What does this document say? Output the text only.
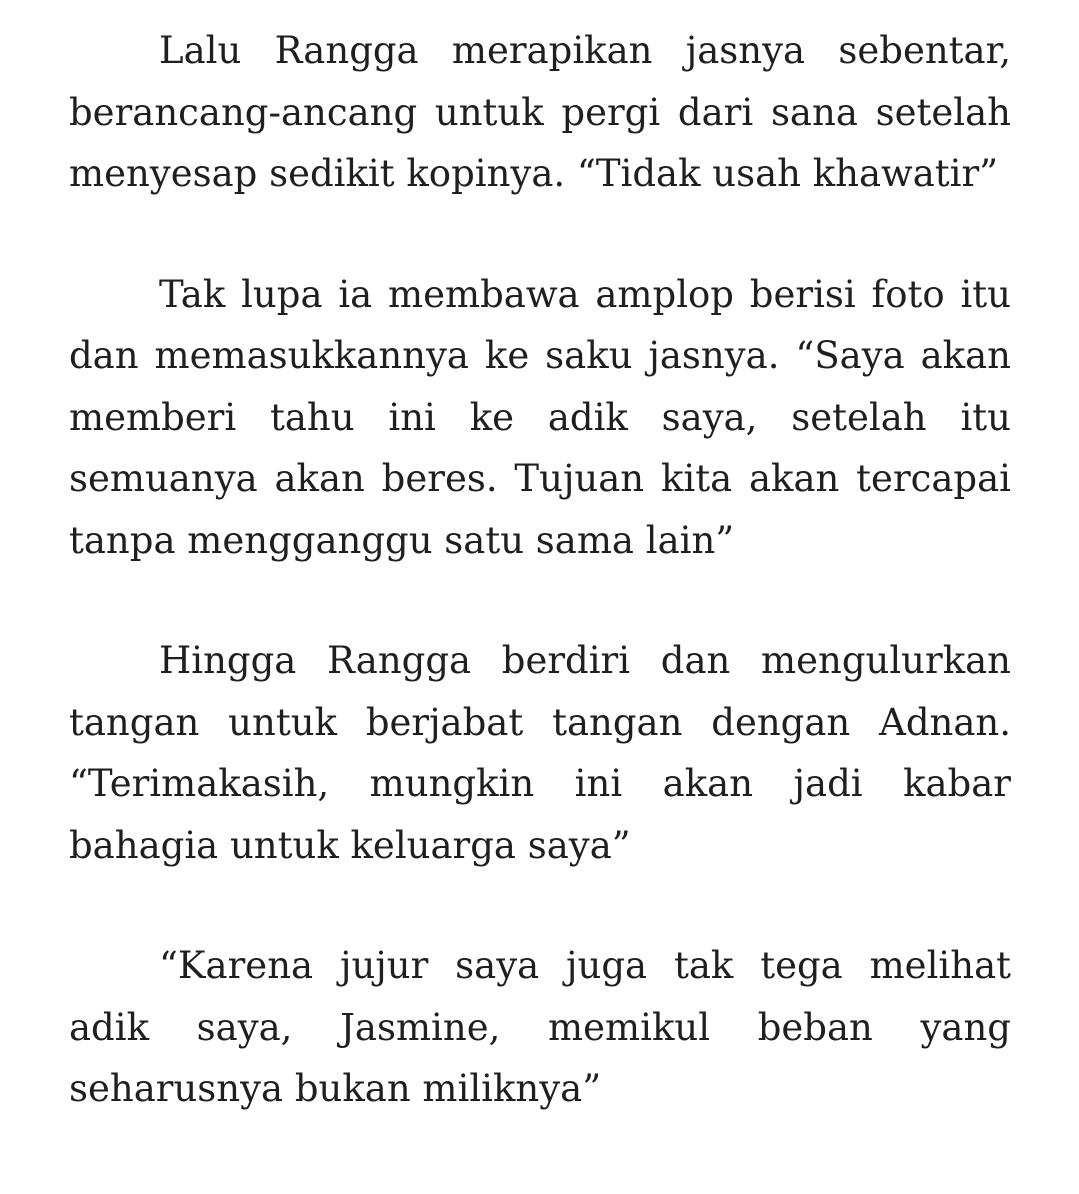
Lalu Rangga merapikan jasnya sebentar, berancang-ancang untuk pergi dari sana setelah menyesap sedikit kopinya. “Tidak usah khawatir”

Tak lupa ia membawa amplop berisi foto itu dan memasukkannya ke saku jasnya. “Saya akan memberi tahu ini ke adik saya, setelah itu semuanya akan beres. Tujuan kita akan tercapai tanpa mengganggu satu sama lain”

Hingga Rangga berdiri dan mengulurkan tangan untuk berjabat tangan dengan Adnan. “Terimakasih, mungkin ini akan jadi kabar bahagia untuk keluarga saya”

“Karena jujur saya juga tak tega melihat adik saya, Jasmine, memikul beban yang seharusnya bukan miliknya”
